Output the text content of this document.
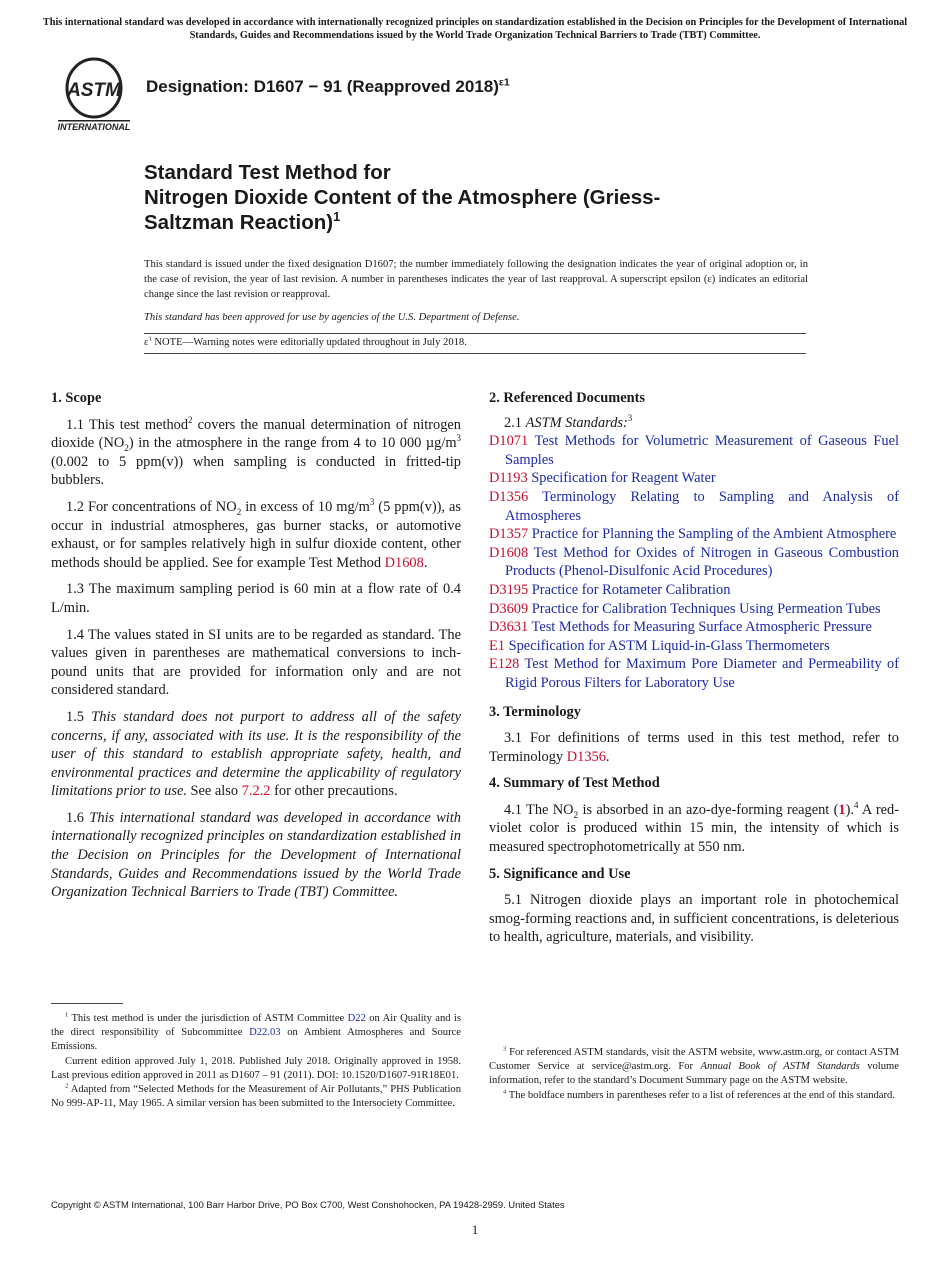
This international standard was developed in accordance with internationally recognized principles on standardization established in the Decision on Principles for the Development of International Standards, Guides and Recommendations issued by the World Trade Organization Technical Barriers to Trade (TBT) Committee.
ASTM
INTERNATIONAL
Designation: D1607 − 91 (Reapproved 2018)$^{\varepsilon 1}$
Standard Test Method for
Nitrogen Dioxide Content of the Atmosphere (Griess-
Saltzman Reaction)$^1$
This standard is issued under the fixed designation D1607; the number immediately following the designation indicates the year of original adoption or, in the case of revision, the year of last revision. A number in parentheses indicates the year of last reapproval. A superscript epsilon (ε) indicates an editorial change since the last revision or reapproval.
This standard has been approved for use by agencies of the U.S. Department of Defense.
$\varepsilon^1$ NOTE—Warning notes were editorially updated throughout in July 2018.
1. Scope
1.1 This test method$^2$ covers the manual determination of nitrogen dioxide $(NO_2)$ in the atmosphere in the range from 4 to 10 000 $\mu g/m^3$ (0.002 to 5 ppm(v)) when sampling is conducted in fritted-tip bubblers.
1.2 For concentrations of $NO_2$ in excess of 10 $mg/m^3$ (5 ppm(v)), as occur in industrial atmospheres, gas burner stacks, or automotive exhaust, or for samples relatively high in sulfur dioxide content, other methods should be applied. See for example Test Method D1608.
1.3 The maximum sampling period is 60 min at a flow rate of 0.4 L/min.
1.4 The values stated in SI units are to be regarded as standard. The values given in parentheses are mathematical conversions to inch-pound units that are provided for information only and are not considered standard.
1.5 This standard does not purport to address all of the safety concerns, if any, associated with its use. It is the responsibility of the user of this standard to establish appropriate safety, health, and environmental practices and determine the applicability of regulatory limitations prior to use. See also 7.2.2 for other precautions.
1.6 This international standard was developed in accordance with internationally recognized principles on standardization established in the Decision on Principles for the Development of International Standards, Guides and Recommendations issued by the World Trade Organization Technical Barriers to Trade (TBT) Committee.
2. Referenced Documents
2.1 ASTM Standards:$^3$
D1071 Test Methods for Volumetric Measurement of Gaseous Fuel Samples
D1193 Specification for Reagent Water
D1356 Terminology Relating to Sampling and Analysis of Atmospheres
D1357 Practice for Planning the Sampling of the Ambient Atmosphere
D1608 Test Method for Oxides of Nitrogen in Gaseous Combustion Products (Phenol-Disulfonic Acid Procedures)
D3195 Practice for Rotameter Calibration
D3609 Practice for Calibration Techniques Using Permeation Tubes
D3631 Test Methods for Measuring Surface Atmospheric Pressure
E1 Specification for ASTM Liquid-in-Glass Thermometers
E128 Test Method for Maximum Pore Diameter and Permeability of Rigid Porous Filters for Laboratory Use
3. Terminology
3.1 For definitions of terms used in this test method, refer to Terminology D1356.
4. Summary of Test Method
4.1 The $NO_2$ is absorbed in an azo-dye-forming reagent (1).$^4$ A red-violet color is produced within 15 min, the intensity of which is measured spectrophotometrically at 550 nm.
5. Significance and Use
5.1 Nitrogen dioxide plays an important role in photochemical smog-forming reactions and, in sufficient concentrations, is deleterious to health, agriculture, materials, and visibility.
$^1$ This test method is under the jurisdiction of ASTM Committee D22 on Air Quality and is the direct responsibility of Subcommittee D22.03 on Ambient Atmospheres and Source Emissions.
Current edition approved July 1, 2018. Published July 2018. Originally approved in 1958. Last previous edition approved in 2011 as D1607 – 91 (2011). DOI: 10.1520/D1607-91R18E01.
$^2$ Adapted from “Selected Methods for the Measurement of Air Pollutants,” PHS Publication No 999-AP-11, May 1965. A similar version has been submitted to the Intersociety Committee.
$^3$ For referenced ASTM standards, visit the ASTM website, www.astm.org, or contact ASTM Customer Service at service@astm.org. For Annual Book of ASTM Standards volume information, refer to the standard’s Document Summary page on the ASTM website.
$^4$ The boldface numbers in parentheses refer to a list of references at the end of this standard.
Copyright © ASTM International, 100 Barr Harbor Drive, PO Box C700, West Conshohocken, PA 19428-2959. United States
1
